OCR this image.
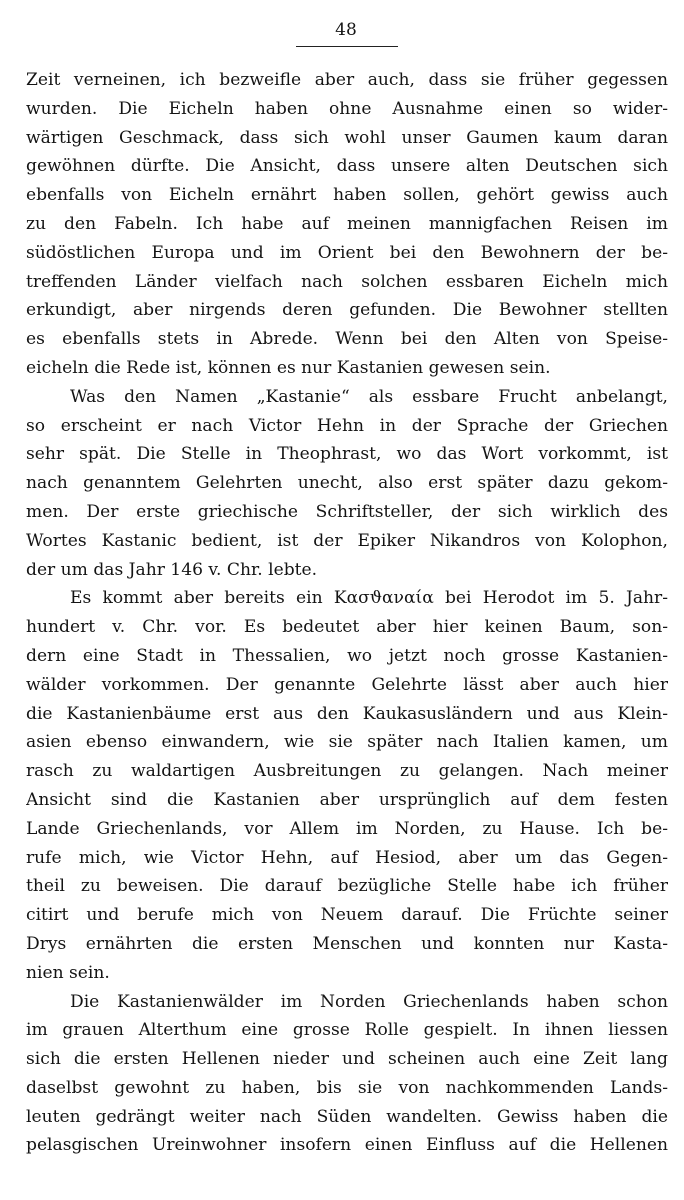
48
Zeit verneinen, ich bezweifle aber auch, dass sie früher gegessen
wurden. Die Eicheln haben ohne Ausnahme einen so wider-
wärtigen Geschmack, dass sich wohl unser Gaumen kaum daran
gewöhnen dürfte. Die Ansicht, dass unsere alten Deutschen sich
ebenfalls von Eicheln ernährt haben sollen, gehört gewiss auch
zu den Fabeln. Ich habe auf meinen mannigfachen Reisen im
südöstlichen Europa und im Orient bei den Bewohnern der be-
treffenden Länder vielfach nach solchen essbaren Eicheln mich
erkundigt, aber nirgends deren gefunden. Die Bewohner stellten
es ebenfalls stets in Abrede. Wenn bei den Alten von Speise-
eicheln die Rede ist, können es nur Kastanien gewesen sein.
Was den Namen „Kastanie“ als essbare Frucht anbelangt,
so erscheint er nach Victor Hehn in der Sprache der Griechen
sehr spät. Die Stelle in Theophrast, wo das Wort vorkommt, ist
nach genanntem Gelehrten unecht, also erst später dazu gekom-
men. Der erste griechische Schriftsteller, der sich wirklich des
Wortes Kastanic bedient, ist der Epiker Nikandros von Kolophon,
der um das Jahr 146 v. Chr. lebte.
Es kommt aber bereits ein Κασϑαναία bei Herodot im 5. Jahr-
hundert v. Chr. vor. Es bedeutet aber hier keinen Baum, son-
dern eine Stadt in Thessalien, wo jetzt noch grosse Kastanien-
wälder vorkommen. Der genannte Gelehrte lässt aber auch hier
die Kastanienbäume erst aus den Kaukasusländern und aus Klein-
asien ebenso einwandern, wie sie später nach Italien kamen, um
rasch zu waldartigen Ausbreitungen zu gelangen. Nach meiner
Ansicht sind die Kastanien aber ursprünglich auf dem festen
Lande Griechenlands, vor Allem im Norden, zu Hause. Ich be-
rufe mich, wie Victor Hehn, auf Hesiod, aber um das Gegen-
theil zu beweisen. Die darauf bezügliche Stelle habe ich früher
citirt und berufe mich von Neuem darauf. Die Früchte seiner
Drys ernährten die ersten Menschen und konnten nur Kasta-
nien sein.
Die Kastanienwälder im Norden Griechenlands haben schon
im grauen Alterthum eine grosse Rolle gespielt. In ihnen liessen
sich die ersten Hellenen nieder und scheinen auch eine Zeit lang
daselbst gewohnt zu haben, bis sie von nachkommenden Lands-
leuten gedrängt weiter nach Süden wandelten. Gewiss haben die
pelasgischen Ureinwohner insofern einen Einfluss auf die Hellenen
